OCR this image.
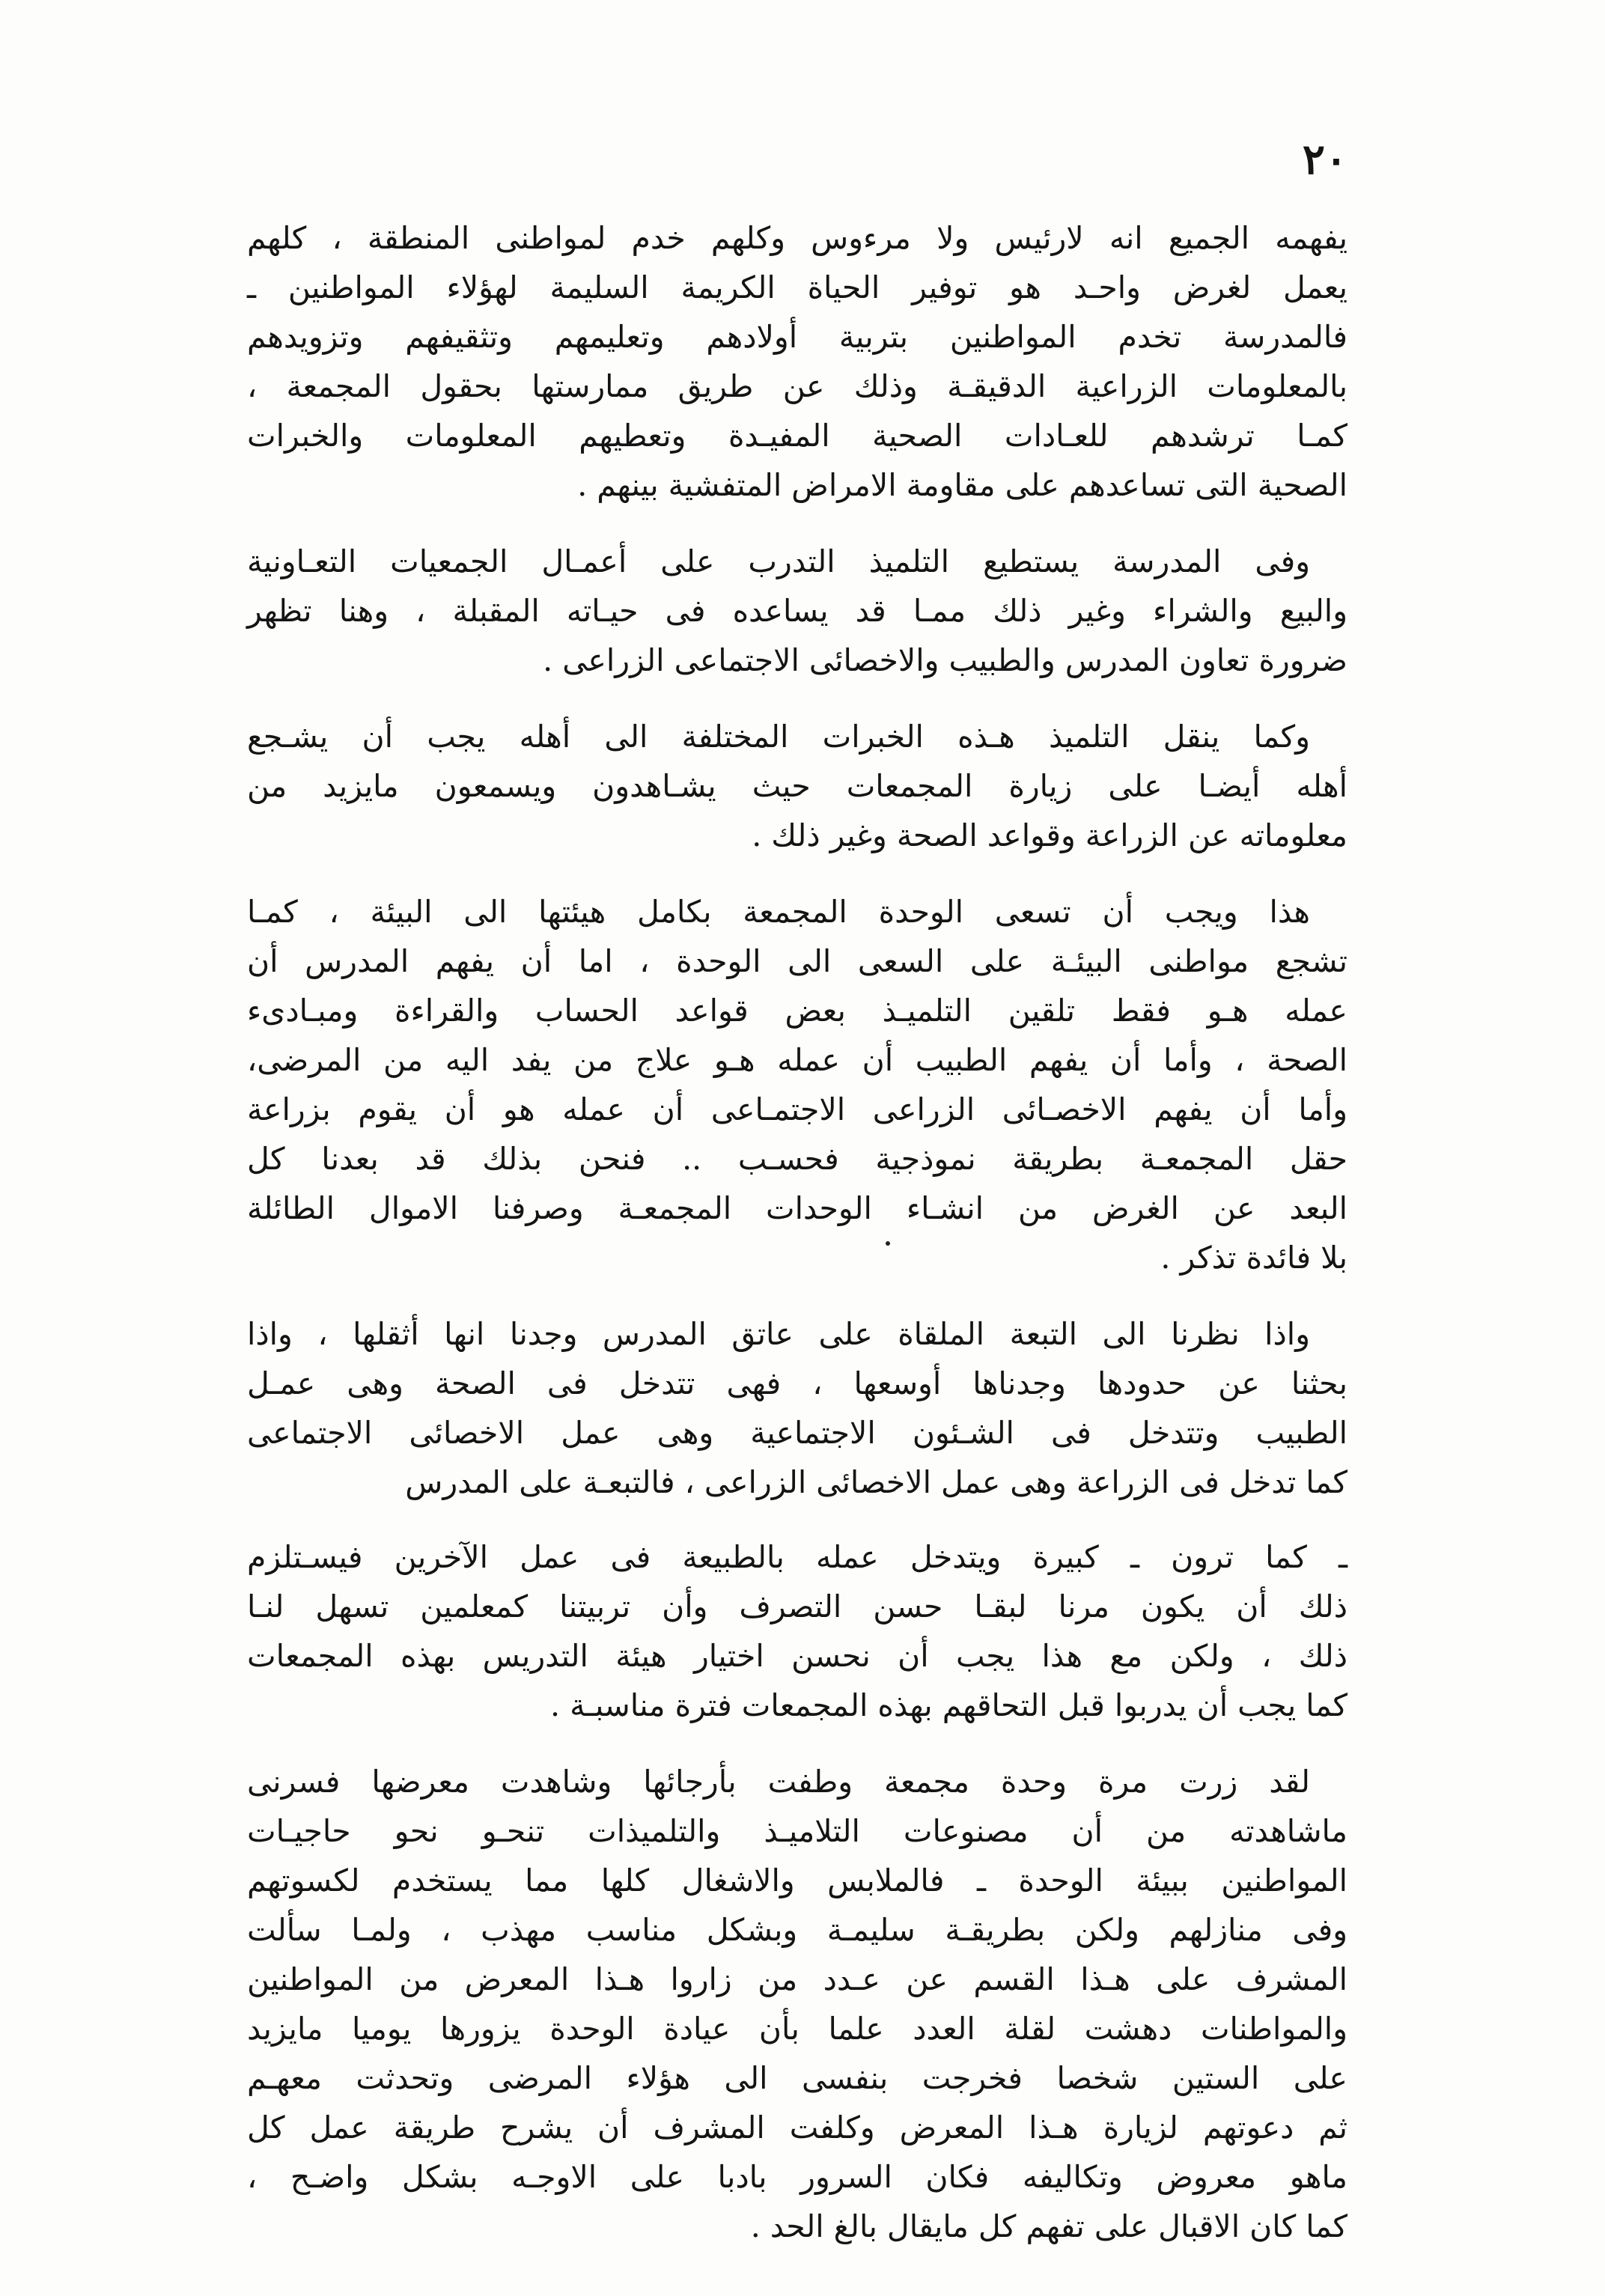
٢٠
يفهمه الجميع انه لارئيس ولا مرءوس وكلهم خدم لمواطنى المنطقة ، كلهم
يعمل لغرض واحـد هو توفير الحياة الكريمة السليمة لهؤلاء المواطنين ـ
فالمدرسة تخدم المواطنين بتربية أولادهم وتعليمهم وتثقيفهم وتزويدهم
بالمعلومات الزراعية الدقيقـة وذلك عن طريق ممارستها بحقول المجمعة ،
كمـا ترشدهم للعـادات الصحية المفيـدة وتعطيهم المعلومات والخبرات
الصحية التى تساعدهم على مقاومة الامراض المتفشية بينهم .
وفى المدرسة يستطيع التلميذ التدرب على أعمـال الجمعيات التعـاونية
والبيع والشراء وغير ذلك ممـا قد يساعده فى حيـاته المقبلة ، وهنا تظهر
ضرورة تعاون المدرس والطبيب والاخصائى الاجتماعى الزراعى .
وكما ينقل التلميذ هـذه الخبرات المختلفة الى أهله يجب أن يشـجع
أهله أيضـا على زيارة المجمعات حيث يشـاهدون ويسمعون مايزيد من
معلوماته عن الزراعة وقواعد الصحة وغير ذلك .
هذا ويجب أن تسعى الوحدة المجمعة بكامل هيئتها الى البيئة ، كمـا
تشجع مواطنى البيئـة على السعى الى الوحدة ، اما أن يفهم المدرس أن
عمله هـو فقط تلقين التلميـذ بعض قواعد الحساب والقراءة ومبـادىء
الصحة ، وأما أن يفهم الطبيب أن عمله هـو علاج من يفد اليه من المرضى،
وأما أن يفهم الاخصـائى الزراعى الاجتمـاعى أن عمله هو أن يقوم بزراعة
حقل المجمعـة بطريقة نموذجية فحسـب .. فنحن بذلك قد بعدنا كل
البعد عن الغرض من انشـاء الوحدات المجمعـة وصرفنا الاموال الطائلة
بلا فائدة تذكر .
واذا نظرنا الى التبعة الملقاة على عاتق المدرس وجدنا انها أثقلها ، واذا
بحثنا عن حدودها وجدناها أوسعها ، فهى تتدخل فى الصحة وهى عمـل
الطبيب وتتدخل فى الشـئون الاجتماعية وهى عمل الاخصائى الاجتماعى
كما تدخل فى الزراعة وهى عمل الاخصائى الزراعى ، فالتبعـة على المدرس
ـ كما ترون ـ كبيرة ويتدخل عمله بالطبيعة فى عمل الآخرين فيسـتلزم
ذلك أن يكون مرنا لبقـا حسن التصرف وأن تربيتنا كمعلمين تسهل لنـا
ذلك ، ولكن مع هذا يجب أن نحسن اختيار هيئة التدريس بهذه المجمعات
كما يجب أن يدربوا قبل التحاقهم بهذه المجمعات فترة مناسبـة .
لقد زرت مرة وحدة مجمعة وطفت بأرجائها وشاهدت معرضها فسرنى
ماشاهدته من أن مصنوعات التلاميـذ والتلميذات تنحـو نحو حاجيـات
المواطنين ببيئة الوحدة ـ فالملابس والاشغال كلها مما يستخدم لكسوتهم
وفى منازلهم ولكن بطريقـة سليمـة وبشكل مناسب مهذب ، ولمـا سألت
المشرف على هـذا القسم عن عـدد من زاروا هـذا المعرض من المواطنين
والمواطنات دهشت لقلة العدد علما بأن عيادة الوحدة يزورها يوميا مايزيد
على الستين شخصا فخرجت بنفسى الى هؤلاء المرضى وتحدثت معهـم
ثم دعوتهم لزيارة هـذا المعرض وكلفت المشرف أن يشرح طريقة عمل كل
ماهو معروض وتكاليفه فكان السرور بادبا على الاوجـه بشكل واضـح ،
كما كان الاقبال على تفهم كل مايقال بالغ الحد .
